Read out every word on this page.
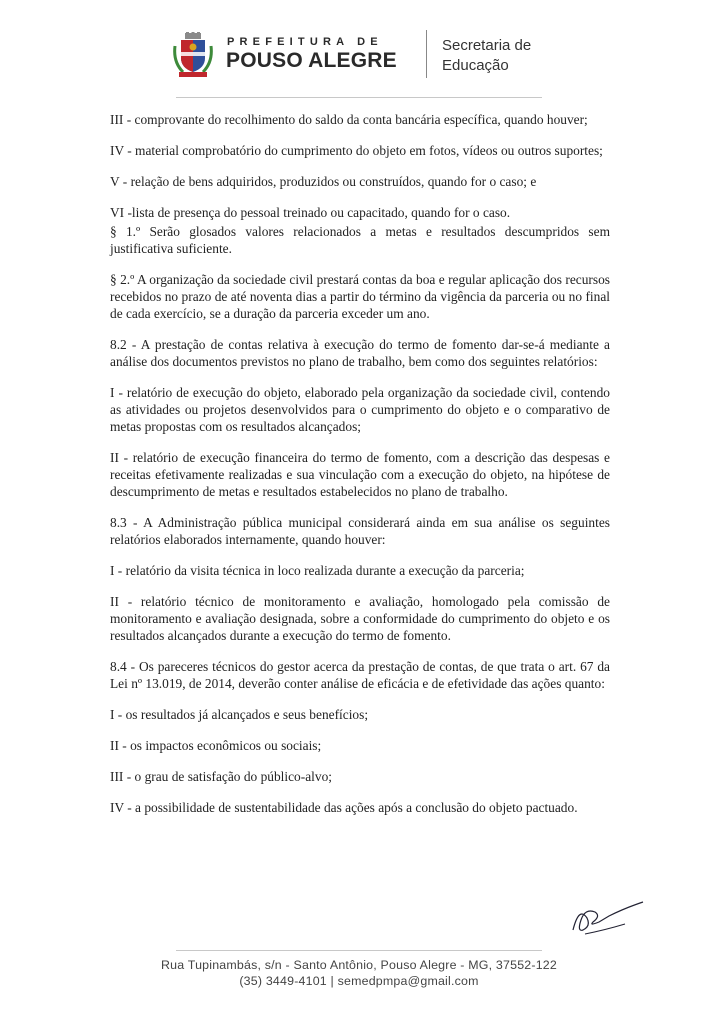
PREFEITURA DE
POUSO ALEGRE
Secretaria de
Educação

III - comprovante do recolhimento do saldo da conta bancária específica, quando houver;

IV - material comprobatório do cumprimento do objeto em fotos, vídeos ou outros suportes;

V - relação de bens adquiridos, produzidos ou construídos, quando for o caso; e

VI -lista de presença do pessoal treinado ou capacitado, quando for o caso.

§ 1.º Serão glosados valores relacionados a metas e resultados descumpridos sem justificativa suficiente.

§ 2.º A organização da sociedade civil prestará contas da boa e regular aplicação dos recursos recebidos no prazo de até noventa dias a partir do término da vigência da parceria ou no final de cada exercício, se a duração da parceria exceder um ano.

8.2 - A prestação de contas relativa à execução do termo de fomento dar-se-á mediante a análise dos documentos previstos no plano de trabalho, bem como dos seguintes relatórios:

I - relatório de execução do objeto, elaborado pela organização da sociedade civil, contendo as atividades ou projetos desenvolvidos para o cumprimento do objeto e o comparativo de metas propostas com os resultados alcançados;

II - relatório de execução financeira do termo de fomento, com a descrição das despesas e receitas efetivamente realizadas e sua vinculação com a execução do objeto, na hipótese de descumprimento de metas e resultados estabelecidos no plano de trabalho.

8.3 - A Administração pública municipal considerará ainda em sua análise os seguintes relatórios elaborados internamente, quando houver:

I - relatório da visita técnica in loco realizada durante a execução da parceria;

II - relatório técnico de monitoramento e avaliação, homologado pela comissão de monitoramento e avaliação designada, sobre a conformidade do cumprimento do objeto e os resultados alcançados durante a execução do termo de fomento.

8.4 - Os pareceres técnicos do gestor acerca da prestação de contas, de que trata o art. 67 da Lei nº 13.019, de 2014, deverão conter análise de eficácia e de efetividade das ações quanto:

I - os resultados já alcançados e seus benefícios;

II - os impactos econômicos ou sociais;

III - o grau de satisfação do público-alvo;

IV - a possibilidade de sustentabilidade das ações após a conclusão do objeto pactuado.

Rua Tupinambás, s/n - Santo Antônio, Pouso Alegre - MG, 37552-122
(35) 3449-4101 | semedpmpa@gmail.com
